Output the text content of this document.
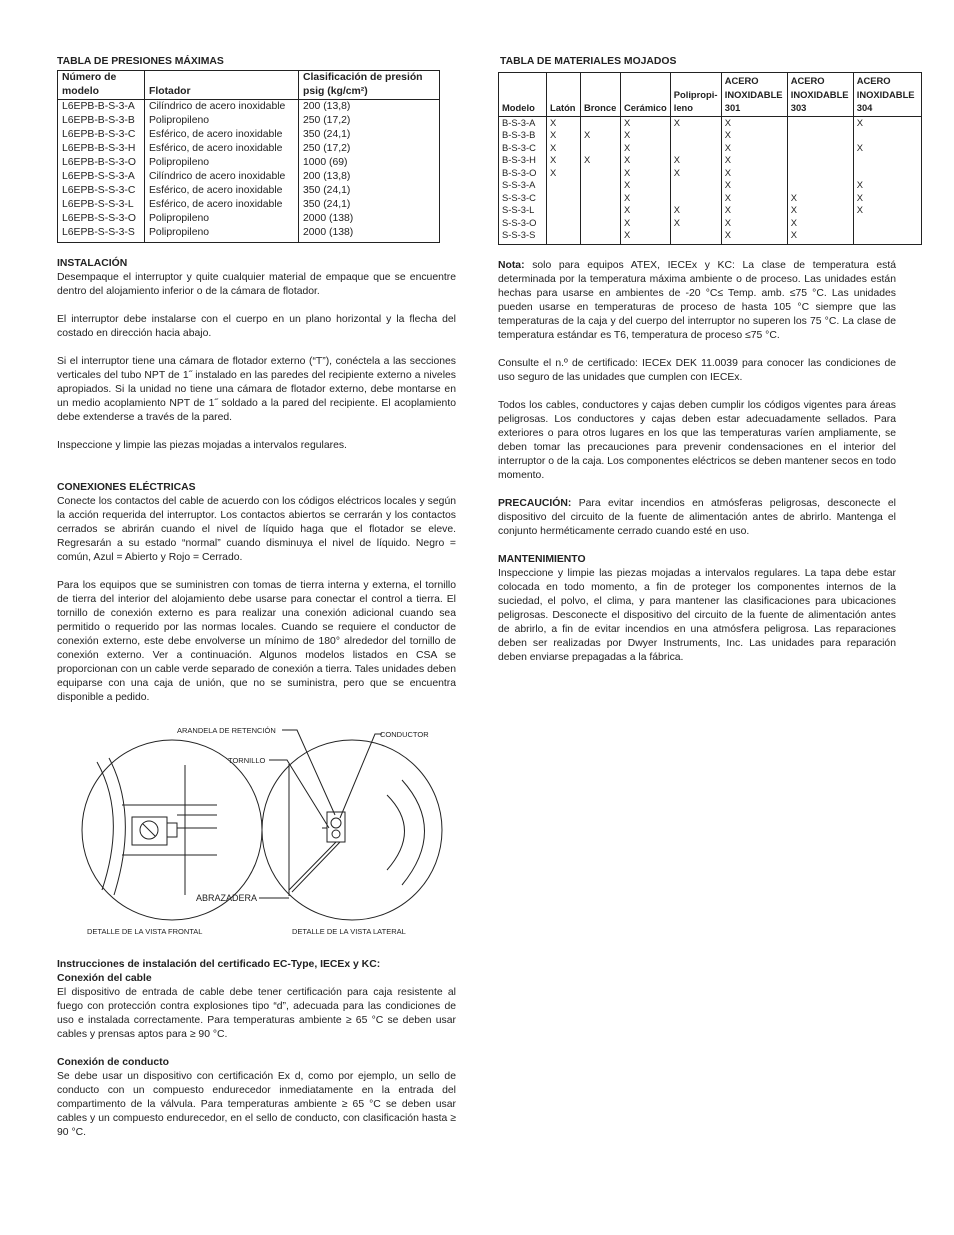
TABLA DE PRESIONES MÁXIMAS

Número de modelo	Flotador	Clasificación de presión psig (kg/cm²)
L6EPB-B-S-3-A	Cilíndrico de acero inoxidable	200 (13,8)
L6EPB-B-S-3-B	Polipropileno	250 (17,2)
L6EPB-B-S-3-C	Esférico, de acero inoxidable	350 (24,1)
L6EPB-B-S-3-H	Esférico, de acero inoxidable	250 (17,2)
L6EPB-B-S-3-O	Polipropileno	1000 (69)
L6EPB-S-S-3-A	Cilíndrico de acero inoxidable	200 (13,8)
L6EPB-S-S-3-C	Esférico, de acero inoxidable	350 (24,1)
L6EPB-S-S-3-L	Esférico, de acero inoxidable	350 (24,1)
L6EPB-S-S-3-O	Polipropileno	2000 (138)
L6EPB-S-S-3-S	Polipropileno	2000 (138)

INSTALACIÓN

Desempaque el interruptor y quite cualquier material de empaque que se encuentre dentro del alojamiento inferior o de la cámara de flotador.

El interruptor debe instalarse con el cuerpo en un plano horizontal y la flecha del costado en dirección hacia abajo.

Si el interruptor tiene una cámara de flotador externo (“T”), conéctela a las secciones verticales del tubo NPT de 1˝ instalado en las paredes del recipiente externo a niveles apropiados. Si la unidad no tiene una cámara de flotador externo, debe montarse en un medio acoplamiento NPT de 1˝ soldado a la pared del recipiente. El acoplamiento debe extenderse a través de la pared.

Inspeccione y limpie las piezas mojadas a intervalos regulares.

CONEXIONES ELÉCTRICAS

Conecte los contactos del cable de acuerdo con los códigos eléctricos locales y según la acción requerida del interruptor. Los contactos abiertos se cerrarán y los contactos cerrados se abrirán cuando el nivel de líquido haga que el flotador se eleve. Regresarán a su estado “normal” cuando disminuya el nivel de líquido. Negro = común, Azul = Abierto y Rojo = Cerrado.

Para los equipos que se suministren con tomas de tierra interna y externa, el tornillo de tierra del interior del alojamiento debe usarse para conectar el control a tierra. El tornillo de conexión externo es para realizar una conexión adicional cuando sea permitido o requerido por las normas locales. Cuando se requiere el conductor de conexión externo, este debe envolverse un mínimo de 180° alrededor del tornillo de conexión externo. Ver a continuación. Algunos modelos listados en CSA se proporcionan con un cable verde separado de conexión a tierra. Tales unidades deben equiparse con una caja de unión, que no se suministra, pero que se encuentra disponible a pedido.

ARANDELA DE RETENCIÓN	CONDUCTOR
TORNILLO
ABRAZADERA
DETALLE DE LA VISTA FRONTAL	DETALLE DE LA VISTA LATERAL

Instrucciones de instalación del certificado EC-Type, IECEx y KC:

Conexión del cable

El dispositivo de entrada de cable debe tener certificación para caja resistente al fuego con protección contra explosiones tipo “d”, adecuada para las condiciones de uso e instalada correctamente. Para temperaturas ambiente ≥ 65 °C se deben usar cables y prensas aptos para ≥ 90 °C.

Conexión de conducto

Se debe usar un dispositivo con certificación Ex d, como por ejemplo, un sello de conducto con un compuesto endurecedor inmediatamente en la entrada del compartimento de la válvula. Para temperaturas ambiente ≥ 65 °C se deben usar cables y un compuesto endurecedor, en el sello de conducto, con clasificación hasta ≥ 90 °C.

TABLA DE MATERIALES MOJADOS

Modelo	Latón	Bronce	Cerámico	Polipropi-leno	ACERO INOXIDABLE 301	ACERO INOXIDABLE 303	ACERO INOXIDABLE 304
B-S-3-A	X		X	X	X		X
B-S-3-B	X	X	X		X		
B-S-3-C	X		X		X		X
B-S-3-H	X	X	X	X	X		
B-S-3-O	X		X	X	X		
S-S-3-A			X		X		X
S-S-3-C			X		X	X	X
S-S-3-L			X	X	X	X	X
S-S-3-O			X	X	X	X	
S-S-3-S			X		X	X	

Nota: solo para equipos ATEX, IECEx y KC: La clase de temperatura está determinada por la temperatura máxima ambiente o de proceso. Las unidades están hechas para usarse en ambientes de -20 °C≤ Temp. amb. ≤75 °C. Las unidades pueden usarse en temperaturas de proceso de hasta 105 °C siempre que las temperaturas de la caja y del cuerpo del interruptor no superen los 75 °C. La clase de temperatura estándar es T6, temperatura de proceso ≤75 °C.

Consulte el n.º de certificado: IECEx DEK 11.0039 para conocer las condiciones de uso seguro de las unidades que cumplen con IECEx.

Todos los cables, conductores y cajas deben cumplir los códigos vigentes para áreas peligrosas. Los conductores y cajas deben estar adecuadamente sellados. Para exteriores o para otros lugares en los que las temperaturas varíen ampliamente, se deben tomar las precauciones para prevenir condensaciones en el interior del interruptor o de la caja. Los componentes eléctricos se deben mantener secos en todo momento.

PRECAUCIÓN: Para evitar incendios en atmósferas peligrosas, desconecte el dispositivo del circuito de la fuente de alimentación antes de abrirlo. Mantenga el conjunto herméticamente cerrado cuando esté en uso.

MANTENIMIENTO

Inspeccione y limpie las piezas mojadas a intervalos regulares. La tapa debe estar colocada en todo momento, a fin de proteger los componentes internos de la suciedad, el polvo, el clima, y para mantener las clasificaciones para ubicaciones peligrosas. Desconecte el dispositivo del circuito de la fuente de alimentación antes de abrirlo, a fin de evitar incendios en una atmósfera peligrosa. Las reparaciones deben ser realizadas por Dwyer Instruments, Inc. Las unidades para reparación deben enviarse prepagadas a la fábrica.
